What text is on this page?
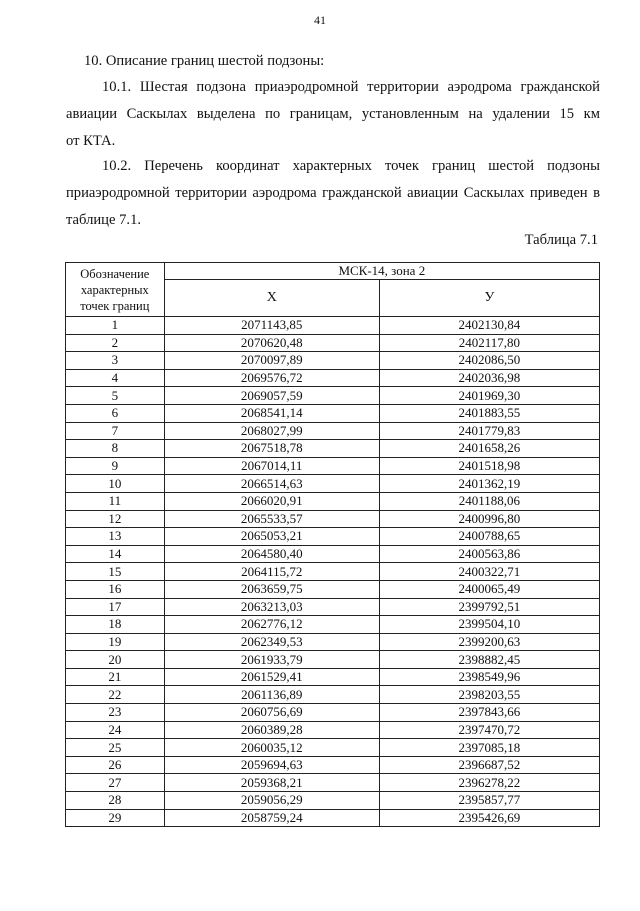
41
10. Описание границ шестой подзоны:
10.1. Шестая подзона приаэродромной территории аэродрома гражданской
авиации Саскылах выделена по границам, установленным на удалении 15 км
от КТА.
10.2. Перечень координат характерных точек границ шестой подзоны
приаэродромной территории аэродрома гражданской авиации Саскылах приведен в
таблице 7.1.
Таблица 7.1
Обозначение характерных точек границ	МСК-14, зона 2	
	Х	У
1	2071143,85	2402130,84
2	2070620,48	2402117,80
3	2070097,89	2402086,50
4	2069576,72	2402036,98
5	2069057,59	2401969,30
6	2068541,14	2401883,55
7	2068027,99	2401779,83
8	2067518,78	2401658,26
9	2067014,11	2401518,98
10	2066514,63	2401362,19
11	2066020,91	2401188,06
12	2065533,57	2400996,80
13	2065053,21	2400788,65
14	2064580,40	2400563,86
15	2064115,72	2400322,71
16	2063659,75	2400065,49
17	2063213,03	2399792,51
18	2062776,12	2399504,10
19	2062349,53	2399200,63
20	2061933,79	2398882,45
21	2061529,41	2398549,96
22	2061136,89	2398203,55
23	2060756,69	2397843,66
24	2060389,28	2397470,72
25	2060035,12	2397085,18
26	2059694,63	2396687,52
27	2059368,21	2396278,22
28	2059056,29	2395857,77
29	2058759,24	2395426,69
